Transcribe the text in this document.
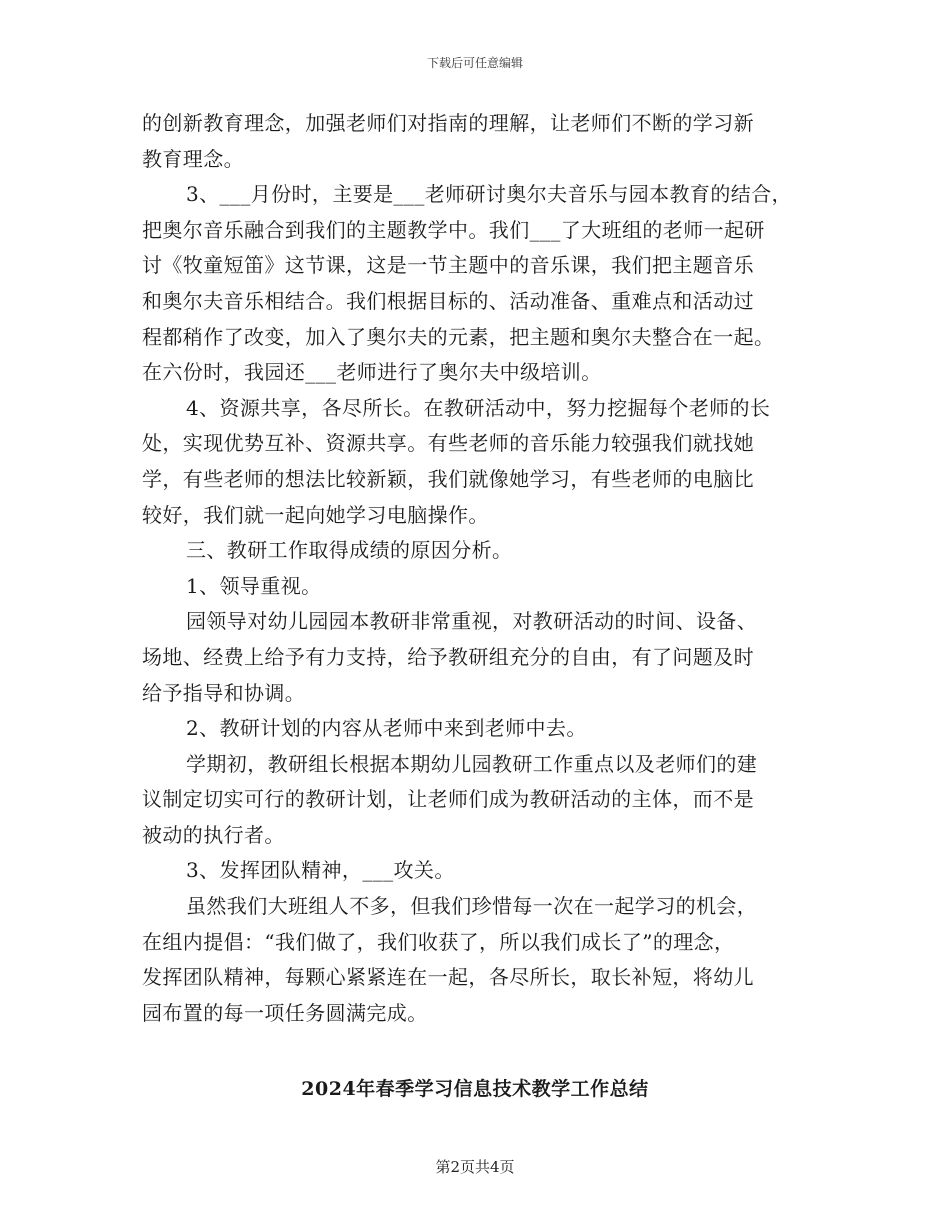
下载后可任意编辑
的创新教育理念，加强老师们对指南的理解，让老师们不断的学习新
教育理念。
3、___月份时，主要是___老师研讨奥尔夫音乐与园本教育的结合，
把奥尔音乐融合到我们的主题教学中。我们___了大班组的老师一起研
讨《牧童短笛》这节课，这是一节主题中的音乐课，我们把主题音乐
和奥尔夫音乐相结合。我们根据目标的、活动准备、重难点和活动过
程都稍作了改变，加入了奥尔夫的元素，把主题和奥尔夫整合在一起。
在六份时，我园还___老师进行了奥尔夫中级培训。
4、资源共享，各尽所长。在教研活动中，努力挖掘每个老师的长
处，实现优势互补、资源共享。有些老师的音乐能力较强我们就找她
学，有些老师的想法比较新颖，我们就像她学习，有些老师的电脑比
较好，我们就一起向她学习电脑操作。
三、教研工作取得成绩的原因分析。
1、领导重视。
园领导对幼儿园园本教研非常重视，对教研活动的时间、设备、
场地、经费上给予有力支持，给予教研组充分的自由，有了问题及时
给予指导和协调。
2、教研计划的内容从老师中来到老师中去。
学期初，教研组长根据本期幼儿园教研工作重点以及老师们的建
议制定切实可行的教研计划，让老师们成为教研活动的主体，而不是
被动的执行者。
3、发挥团队精神，___攻关。
虽然我们大班组人不多，但我们珍惜每一次在一起学习的机会，
在组内提倡：“我们做了，我们收获了，所以我们成长了”的理念，
发挥团队精神，每颗心紧紧连在一起，各尽所长，取长补短，将幼儿
园布置的每一项任务圆满完成。
2024年春季学习信息技术教学工作总结
第2页共4页
